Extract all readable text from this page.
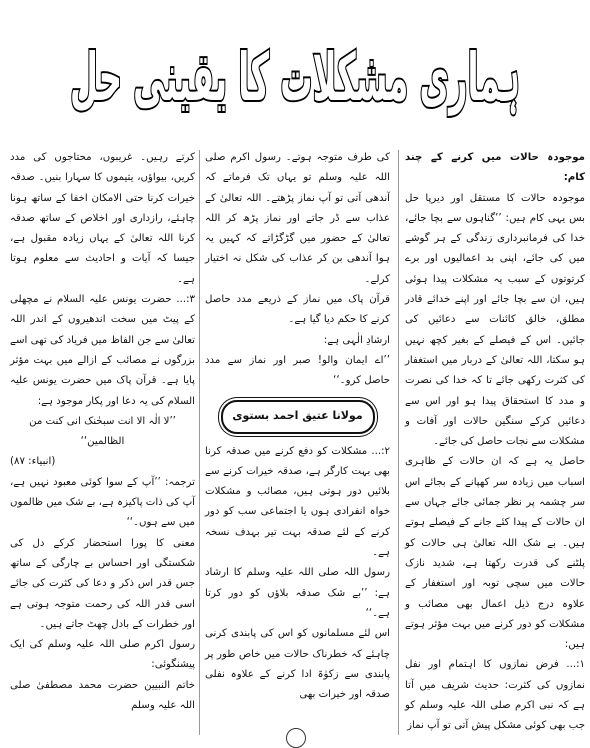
ہماری مشکلات کا یقینی حل

موجودہ حالات میں کرنے کے چند کام:

موجودہ حالات کا مستقل اور دیرپا حل بس یہی کام ہیں: ’’گناہوں سے بچا جائے، خدا کی فرمانبرداری زندگی کے ہر گوشے میں کی جائے، اپنی بد اعمالیوں اور برے کرتوتوں کے سبب یہ مشکلات پیدا ہوئی ہیں، ان سے بچا جائے اور اپنے خدائے قادر مطلق، خالق کائنات سے دعائیں کی جائیں۔ اس کے فیصلے کے بغیر کچھ نہیں ہو سکتا، اللہ تعالیٰ کے دربار میں استغفار کی کثرت رکھی جائے تا کہ خدا کی نصرت و مدد کا استحقاق پیدا ہو اور اس سے دعائیں کرکے سنگین حالات اور آفات و مشکلات سے نجات حاصل کی جائے۔

حاصل یہ ہے کہ ان حالات کے ظاہری اسباب میں زیادہ سر کھپانے کے بجائے اس سر چشمہ پر نظر جمائی جائے جہاں سے ان حالات کے پیدا کئے جانے کے فیصلے ہوتے ہیں۔ بے شک اللہ تعالیٰ ہی حالات کو پلٹنے کی قدرت رکھتا ہے، شدید نازک حالات میں سچی توبہ اور استغفار کے علاوہ درج ذیل اعمال بھی مصائب و مشکلات کو دور کرنے میں بہت مؤثر ہوتے ہیں:

۱:... فرض نمازوں کا اہتمام اور نفل نمازوں کی کثرت: حدیث شریف میں آتا ہے کہ نبی اکرم صلی اللہ علیہ وسلم کو جب بھی کوئی مشکل پیش آتی تو آپ نماز

کی طرف متوجہ ہوتے۔ رسول اکرم صلی اللہ علیہ وسلم تو یہاں تک فرماتے کہ آندھی آتی تو آپ نماز پڑھتے۔ اللہ تعالیٰ کے عذاب سے ڈر جاتے اور نماز پڑھ کر اللہ تعالیٰ کے حضور میں گڑگڑاتے کہ کہیں یہ ہوا آندھی بن کر عذاب کی شکل نہ اختیار کرلے۔

قرآن پاک میں نماز کے ذریعے مدد حاصل کرنے کا حکم دیا گیا ہے۔

ارشادِ الٰہی ہے:

’’اے ایمان والو! صبر اور نماز سے مدد حاصل کرو۔‘‘

مولانا عتیق احمد بستوی

۲:... مشکلات کو دفع کرنے میں صدقہ کرنا بھی بہت کارگر ہے، صدقہ خیرات کرنے سے بلائیں دور ہوتی ہیں، مصائب و مشکلات خواہ انفرادی ہوں یا اجتماعی سب کو دور کرنے کے لئے صدقہ بہت تیر بہدف نسخہ ہے۔

رسول اللہ صلی اللہ علیہ وسلم کا ارشاد ہے: ’’بے شک صدقہ بلاؤں کو دور کرتا ہے۔‘‘

اس لئے مسلمانوں کو اس کی پابندی کرنی چاہئے کہ خطرناک حالات میں خاص طور پر پابندی سے زکوٰۃ ادا کرنے کے علاوہ نفلی صدقہ اور خیرات بھی

کرتے رہیں۔ غریبوں، محتاجوں کی مدد کریں، بیواؤں، یتیموں کا سہارا بنیں۔ صدقہ خیرات کرنا حتی الامکان اخفا کے ساتھ ہونا چاہئے، رازداری اور اخلاص کے ساتھ صدقہ کرنا اللہ تعالیٰ کے یہاں زیادہ مقبول ہے، جیسا کہ آیات و احادیث سے معلوم ہوتا ہے۔

۳:... حضرت یونس علیہ السلام نے مچھلی کے پیٹ میں سخت اندھیروں کے اندر اللہ تعالیٰ سے جن الفاظ میں فریاد کی تھی اسے بزرگوں نے مصائب کے ازالے میں بہت مؤثر پایا ہے۔ قرآن پاک میں حضرت یونس علیہ السلام کی یہ دعا اور پکار موجود ہے:

’’لا الٰہ الا انت سبحٰنک انی کنت من الظالمین‘‘

(انبیاء: ۸۷)

ترجمہ: ’’آپ کے سوا کوئی معبود نہیں ہے، آپ کی ذات پاکیزہ ہے، بے شک میں ظالموں میں سے ہوں۔‘‘

معنی کا پورا استحضار کرکے دل کی شکستگی اور احساس بے چارگی کے ساتھ جس قدر اس ذکر و دعا کی کثرت کی جائے اسی قدر اللہ کی رحمت متوجہ ہوتی ہے اور خطرات کے بادل چھٹ جاتے ہیں۔

رسول اکرم صلی اللہ علیہ وسلم کی ایک پیشنگوئی:

خاتم النبیین حضرت محمد مصطفیٰ صلی اللہ علیہ وسلم
